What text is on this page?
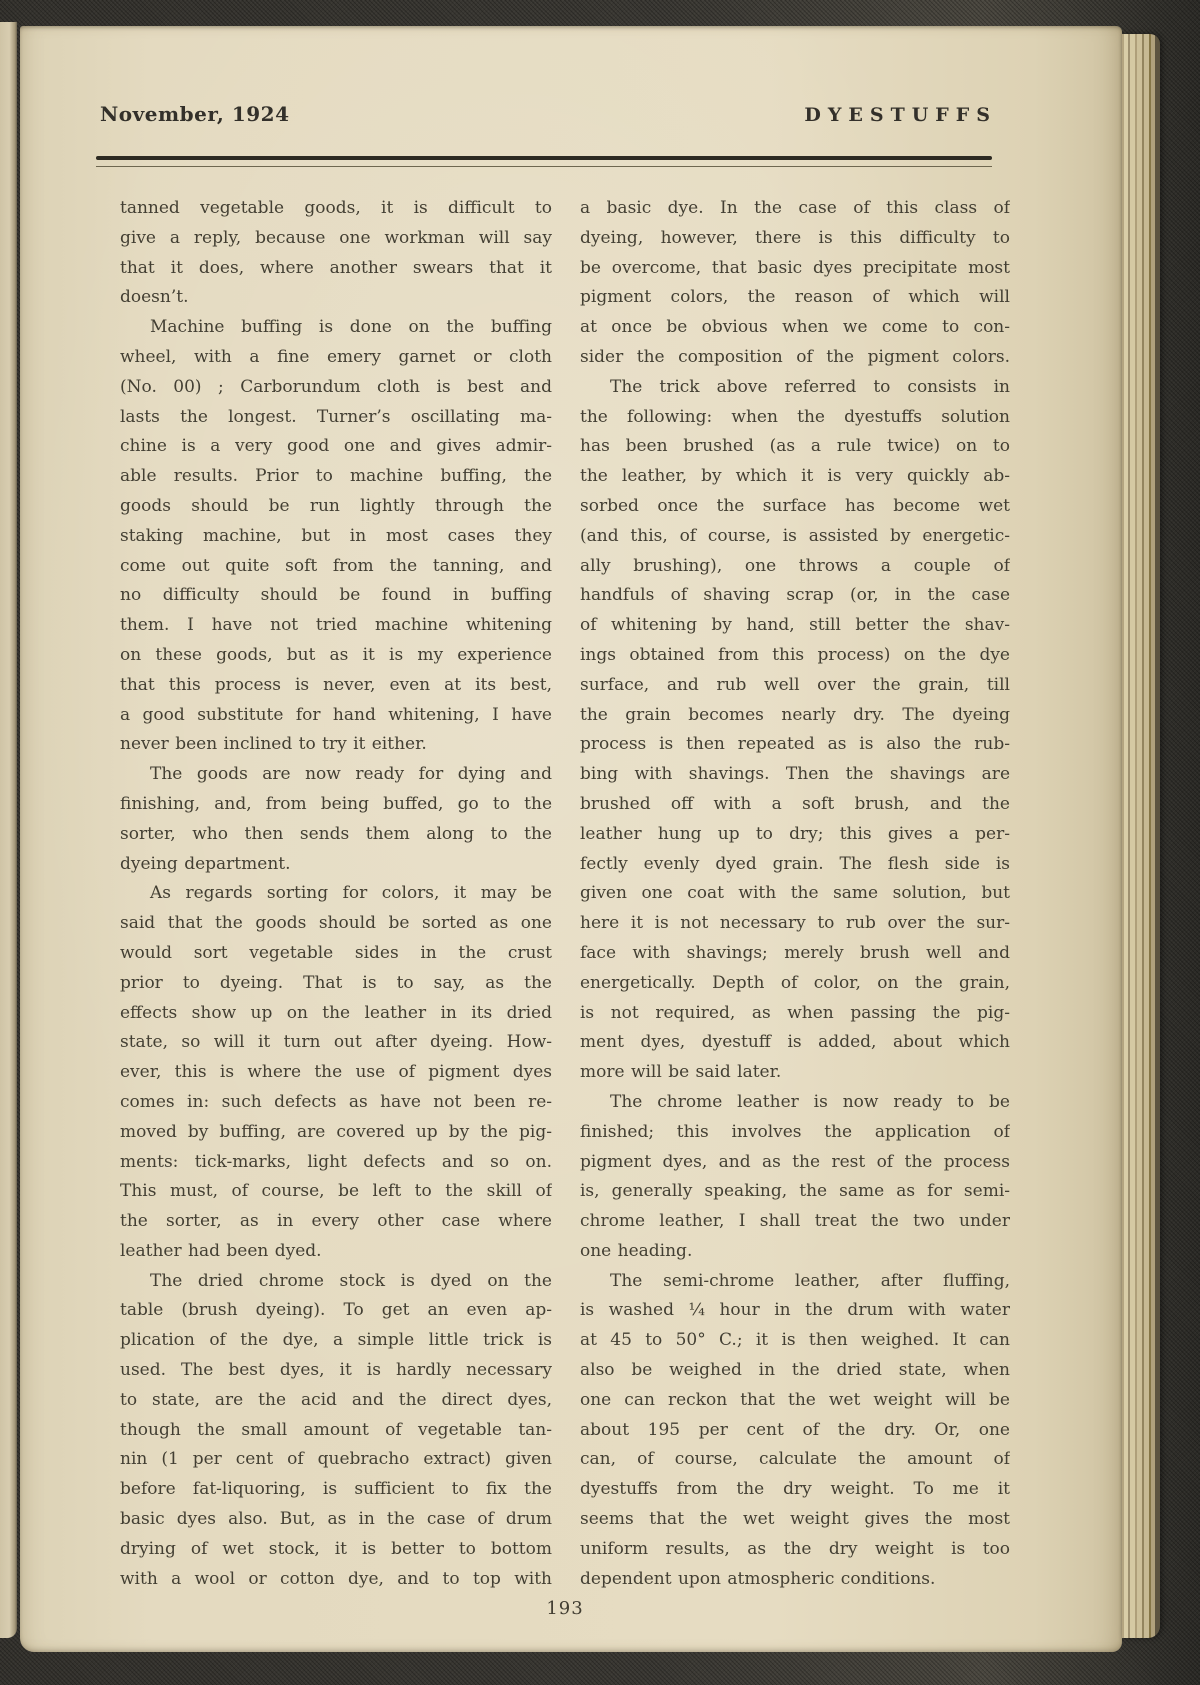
November, 1924	DYESTUFFS
tanned vegetable goods, it is difficult to
give a reply, because one workman will say
that it does, where another swears that it
doesn’t.
Machine buffing is done on the buffing
wheel, with a fine emery garnet or cloth
(No. 00) ; Carborundum cloth is best and
lasts the longest. Turner’s oscillating ma-
chine is a very good one and gives admir-
able results. Prior to machine buffing, the
goods should be run lightly through the
staking machine, but in most cases they
come out quite soft from the tanning, and
no difficulty should be found in buffing
them. I have not tried machine whitening
on these goods, but as it is my experience
that this process is never, even at its best,
a good substitute for hand whitening, I have
never been inclined to try it either.
The goods are now ready for dying and
finishing, and, from being buffed, go to the
sorter, who then sends them along to the
dyeing department.
As regards sorting for colors, it may be
said that the goods should be sorted as one
would sort vegetable sides in the crust
prior to dyeing. That is to say, as the
effects show up on the leather in its dried
state, so will it turn out after dyeing. How-
ever, this is where the use of pigment dyes
comes in: such defects as have not been re-
moved by buffing, are covered up by the pig-
ments: tick-marks, light defects and so on.
This must, of course, be left to the skill of
the sorter, as in every other case where
leather had been dyed.
The dried chrome stock is dyed on the
table (brush dyeing). To get an even ap-
plication of the dye, a simple little trick is
used. The best dyes, it is hardly necessary
to state, are the acid and the direct dyes,
though the small amount of vegetable tan-
nin (1 per cent of quebracho extract) given
before fat-liquoring, is sufficient to fix the
basic dyes also. But, as in the case of drum
drying of wet stock, it is better to bottom
with a wool or cotton dye, and to top with
a basic dye. In the case of this class of
dyeing, however, there is this difficulty to
be overcome, that basic dyes precipitate most
pigment colors, the reason of which will
at once be obvious when we come to con-
sider the composition of the pigment colors.
The trick above referred to consists in
the following: when the dyestuffs solution
has been brushed (as a rule twice) on to
the leather, by which it is very quickly ab-
sorbed once the surface has become wet
(and this, of course, is assisted by energetic-
ally brushing), one throws a couple of
handfuls of shaving scrap (or, in the case
of whitening by hand, still better the shav-
ings obtained from this process) on the dye
surface, and rub well over the grain, till
the grain becomes nearly dry. The dyeing
process is then repeated as is also the rub-
bing with shavings. Then the shavings are
brushed off with a soft brush, and the
leather hung up to dry; this gives a per-
fectly evenly dyed grain. The flesh side is
given one coat with the same solution, but
here it is not necessary to rub over the sur-
face with shavings; merely brush well and
energetically. Depth of color, on the grain,
is not required, as when passing the pig-
ment dyes, dyestuff is added, about which
more will be said later.
The chrome leather is now ready to be
finished; this involves the application of
pigment dyes, and as the rest of the process
is, generally speaking, the same as for semi-
chrome leather, I shall treat the two under
one heading.
The semi-chrome leather, after fluffing,
is washed ¼ hour in the drum with water
at 45 to 50° C.; it is then weighed. It can
also be weighed in the dried state, when
one can reckon that the wet weight will be
about 195 per cent of the dry. Or, one
can, of course, calculate the amount of
dyestuffs from the dry weight. To me it
seems that the wet weight gives the most
uniform results, as the dry weight is too
dependent upon atmospheric conditions.
193
